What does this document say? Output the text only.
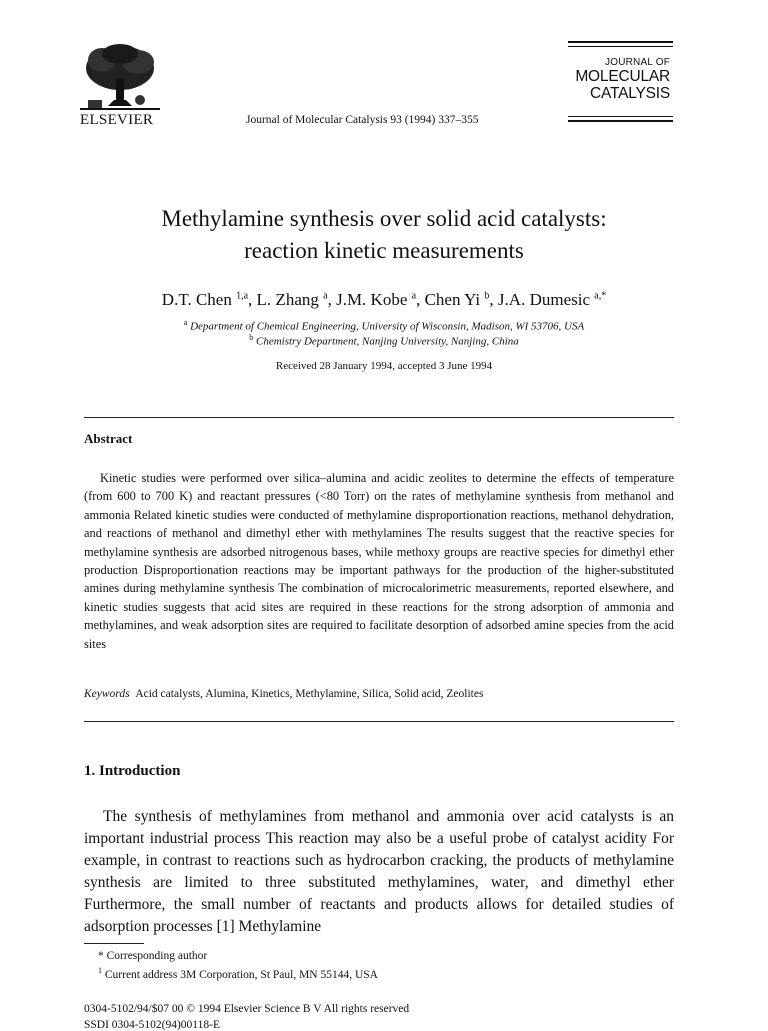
ELSEVIER	Journal of Molecular Catalysis 93 (1994) 337–355
JOURNAL OF
MOLECULAR
CATALYSIS
Methylamine synthesis over solid acid catalysts:
reaction kinetic measurements
D.T. Chen $^{1,a}$, L. Zhang $^a$, J.M. Kobe $^a$, Chen Yi $^b$, J.A. Dumesic $^{a,*}$
$^a$ Department of Chemical Engineering, University of Wisconsin, Madison, WI 53706, USA
$^b$ Chemistry Department, Nanjing University, Nanjing, China
Received 28 January 1994, accepted 3 June 1994
Abstract
Kinetic studies were performed over silica–alumina and acidic zeolites to determine the effects of temperature (from 600 to 700 K) and reactant pressures (<80 Torr) on the rates of methylamine synthesis from methanol and ammonia Related kinetic studies were conducted of methylamine disproportionation reactions, methanol dehydration, and reactions of methanol and dimethyl ether with methylamines The results suggest that the reactive species for methylamine synthesis are adsorbed nitrogenous bases, while methoxy groups are reactive species for dimethyl ether production Disproportionation reactions may be important pathways for the production of the higher-substituted amines during methylamine synthesis The combination of microcalorimetric measurements, reported elsewhere, and kinetic studies suggests that acid sites are required in these reactions for the strong adsorption of ammonia and methylamines, and weak adsorption sites are required to facilitate desorption of adsorbed amine species from the acid sites
Keywords Acid catalysts, Alumina, Kinetics, Methylamine, Silica, Solid acid, Zeolites
1. Introduction
The synthesis of methylamines from methanol and ammonia over acid catalysts is an important industrial process This reaction may also be a useful probe of catalyst acidity For example, in contrast to reactions such as hydrocarbon cracking, the products of methylamine synthesis are limited to three substituted methylamines, water, and dimethyl ether Furthermore, the small number of reactants and products allows for detailed studies of adsorption processes [1] Methylamine
* Corresponding author
$^1$ Current address 3M Corporation, St Paul, MN 55144, USA
0304-5102/94/$07 00 © 1994 Elsevier Science B V All rights reserved
SSDI 0304-5102(94)00118-E
